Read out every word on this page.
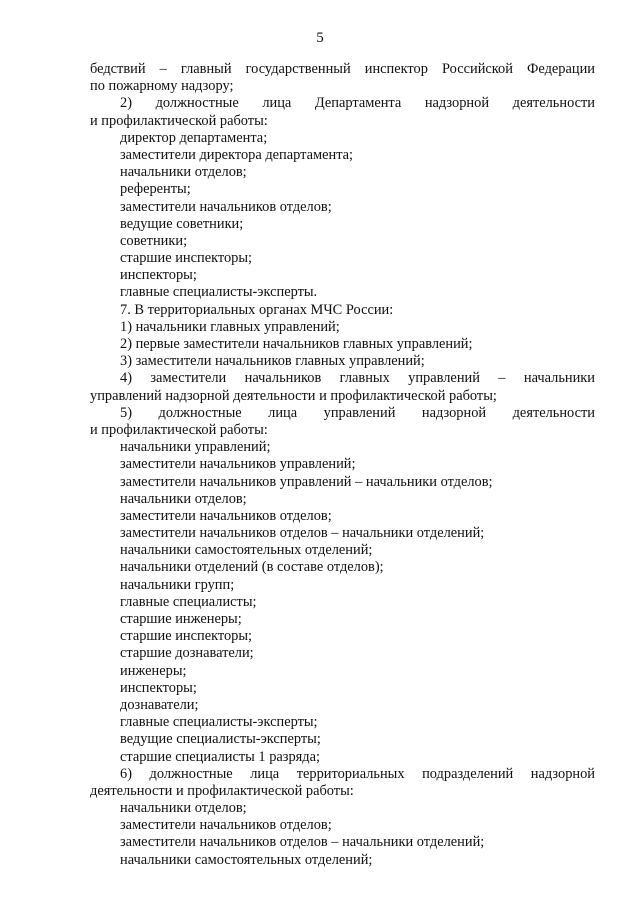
5
бедствий – главный государственный инспектор Российской Федерации
по пожарному надзору;
2) должностные лица Департамента надзорной деятельности
и профилактической работы:
директор департамента;
заместители директора департамента;
начальники отделов;
референты;
заместители начальников отделов;
ведущие советники;
советники;
старшие инспекторы;
инспекторы;
главные специалисты-эксперты.
7. В территориальных органах МЧС России:
1) начальники главных управлений;
2) первые заместители начальников главных управлений;
3) заместители начальников главных управлений;
4) заместители начальников главных управлений – начальники
управлений надзорной деятельности и профилактической работы;
5) должностные лица управлений надзорной деятельности
и профилактической работы:
начальники управлений;
заместители начальников управлений;
заместители начальников управлений – начальники отделов;
начальники отделов;
заместители начальников отделов;
заместители начальников отделов – начальники отделений;
начальники самостоятельных отделений;
начальники отделений (в составе отделов);
начальники групп;
главные специалисты;
старшие инженеры;
старшие инспекторы;
старшие дознаватели;
инженеры;
инспекторы;
дознаватели;
главные специалисты-эксперты;
ведущие специалисты-эксперты;
старшие специалисты 1 разряда;
6) должностные лица территориальных подразделений надзорной
деятельности и профилактической работы:
начальники отделов;
заместители начальников отделов;
заместители начальников отделов – начальники отделений;
начальники самостоятельных отделений;
